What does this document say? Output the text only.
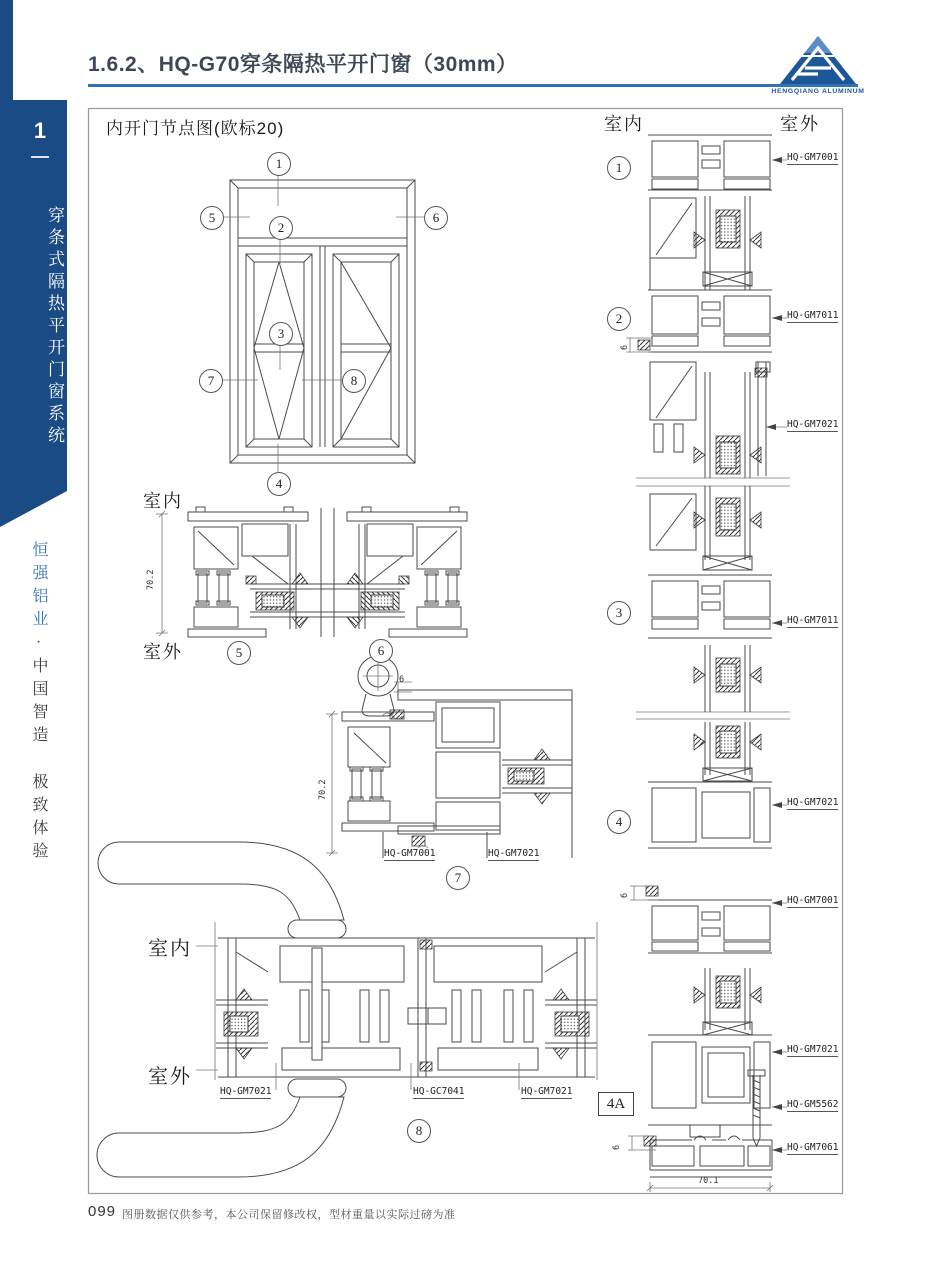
1.6.2、HQ-G70穿条隔热平开门窗（30mm）
HENGQIANG ALUMINUM
1
穿条式隔热平开门窗系统
恒强铝业·中国智造 极致体验
内开门节点图(欧标20)
室内
室外
室内
室外
室内	室外
1
5	6
2
3
7	8
4
5	6
7
8
1
2
3
4
4A
HQ-GM7001
HQ-GM7011
HQ-GM7021
HQ-GM7011
HQ-GM7021
HQ-GM7001
HQ-GM7021
HQ-GM5562
HQ-GM7061
HQ-GM7001	HQ-GM7021
HQ-GM7021	HQ-GC7041	HQ-GM7021
70.2
70.2
70.1
6
6
6
6
099 图册数据仅供参考，本公司保留修改权，型材重量以实际过磅为准
